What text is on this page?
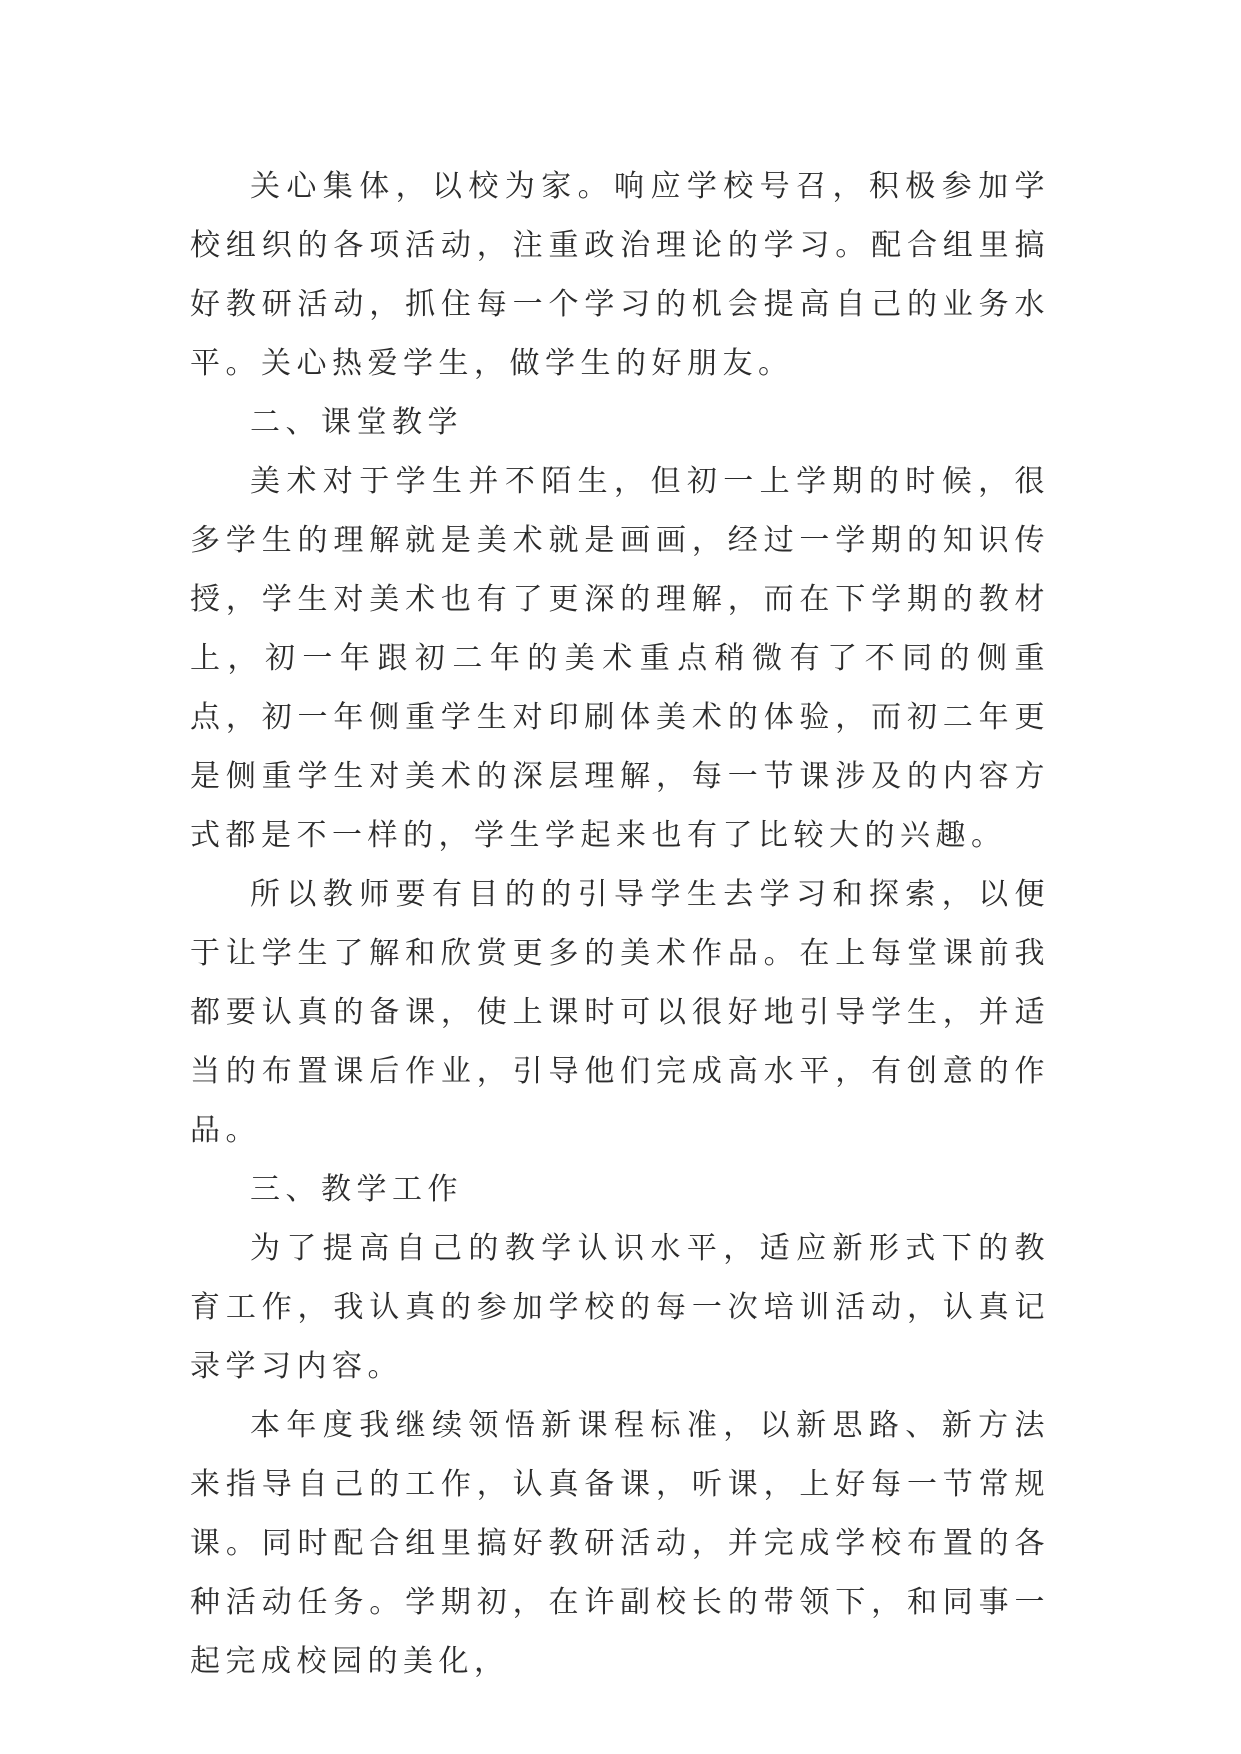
关心集体，以校为家。响应学校号召，积极参加学校组织的各项活动，注重政治理论的学习。配合组里搞好教研活动，抓住每一个学习的机会提高自己的业务水平。关心热爱学生，做学生的好朋友。

二、课堂教学

美术对于学生并不陌生，但初一上学期的时候，很多学生的理解就是美术就是画画，经过一学期的知识传授，学生对美术也有了更深的理解，而在下学期的教材上，初一年跟初二年的美术重点稍微有了不同的侧重点，初一年侧重学生对印刷体美术的体验，而初二年更是侧重学生对美术的深层理解，每一节课涉及的内容方式都是不一样的，学生学起来也有了比较大的兴趣。

所以教师要有目的的引导学生去学习和探索，以便于让学生了解和欣赏更多的美术作品。在上每堂课前我都要认真的备课，使上课时可以很好地引导学生，并适当的布置课后作业，引导他们完成高水平，有创意的作品。

三、教学工作

为了提高自己的教学认识水平，适应新形式下的教育工作，我认真的参加学校的每一次培训活动，认真记录学习内容。

本年度我继续领悟新课程标准，以新思路、新方法来指导自己的工作，认真备课，听课，上好每一节常规课。同时配合组里搞好教研活动，并完成学校布置的各种活动任务。学期初，在许副校长的带领下，和同事一起完成校园的美化，
